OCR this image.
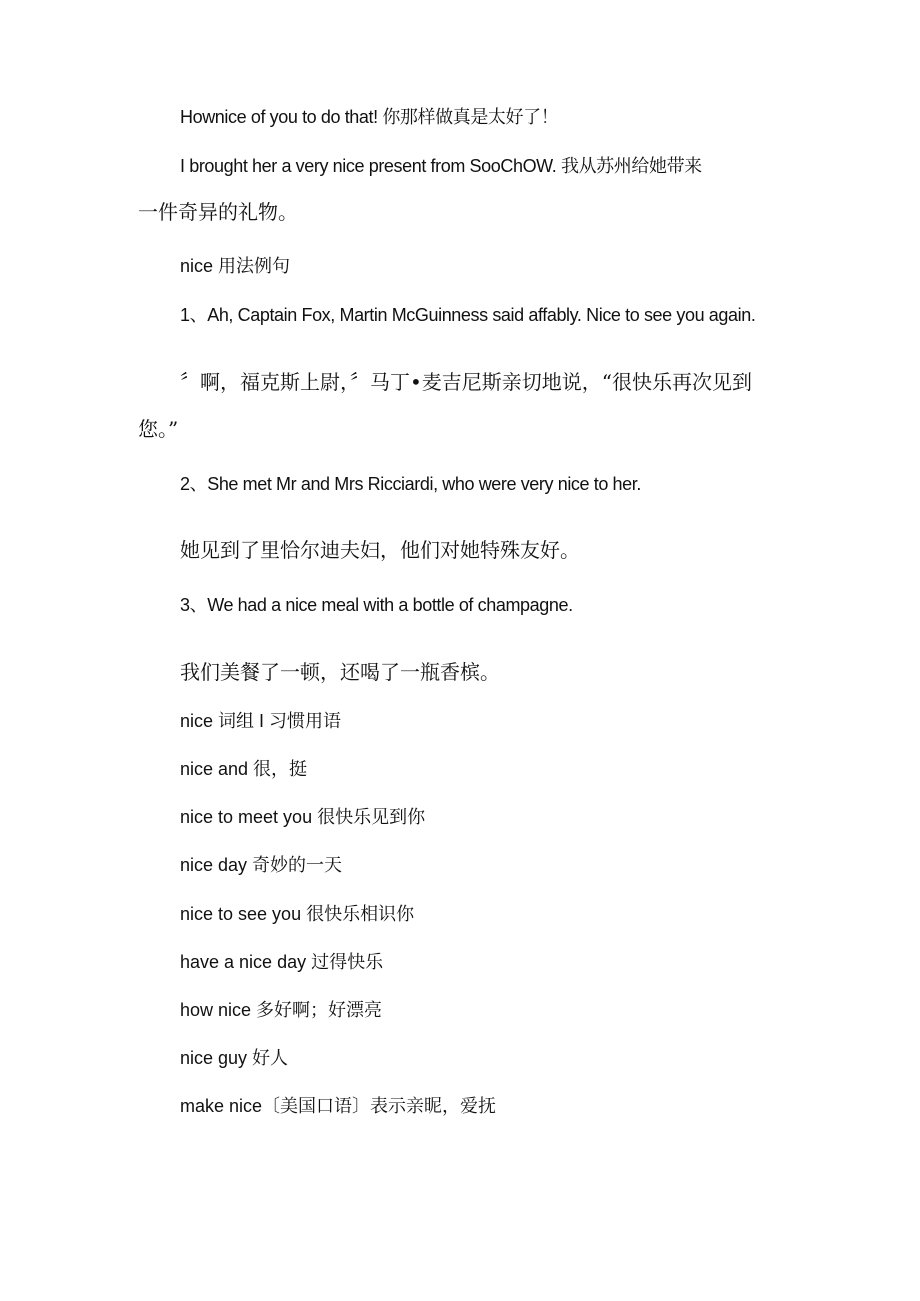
Hownice of you to do that! 你那样做真是太好了！
I brought her a very nice present from SooChOW. 我从苏州给她带来
一件奇异的礼物。
nice 用法例句
1、Ah, Captain Fox, Martin McGuinness said affably. Nice to see you again.
〞啊，福克斯上尉，〞马丁•麦吉尼斯亲切地说，“很快乐再次见到
您。”
2、She met Mr and Mrs Ricciardi, who were very nice to her.
她见到了里恰尔迪夫妇，他们对她特殊友好。
3、We had a nice meal with a bottle of champagne.
我们美餐了一顿，还喝了一瓶香槟。
nice 词组 I 习惯用语
nice and 很，挺
nice to meet you 很快乐见到你
nice day 奇妙的一天
nice to see you 很快乐相识你
have a nice day 过得快乐
how nice 多好啊；好漂亮
nice guy 好人
make nice〔美国口语〕表示亲昵，爱抚
